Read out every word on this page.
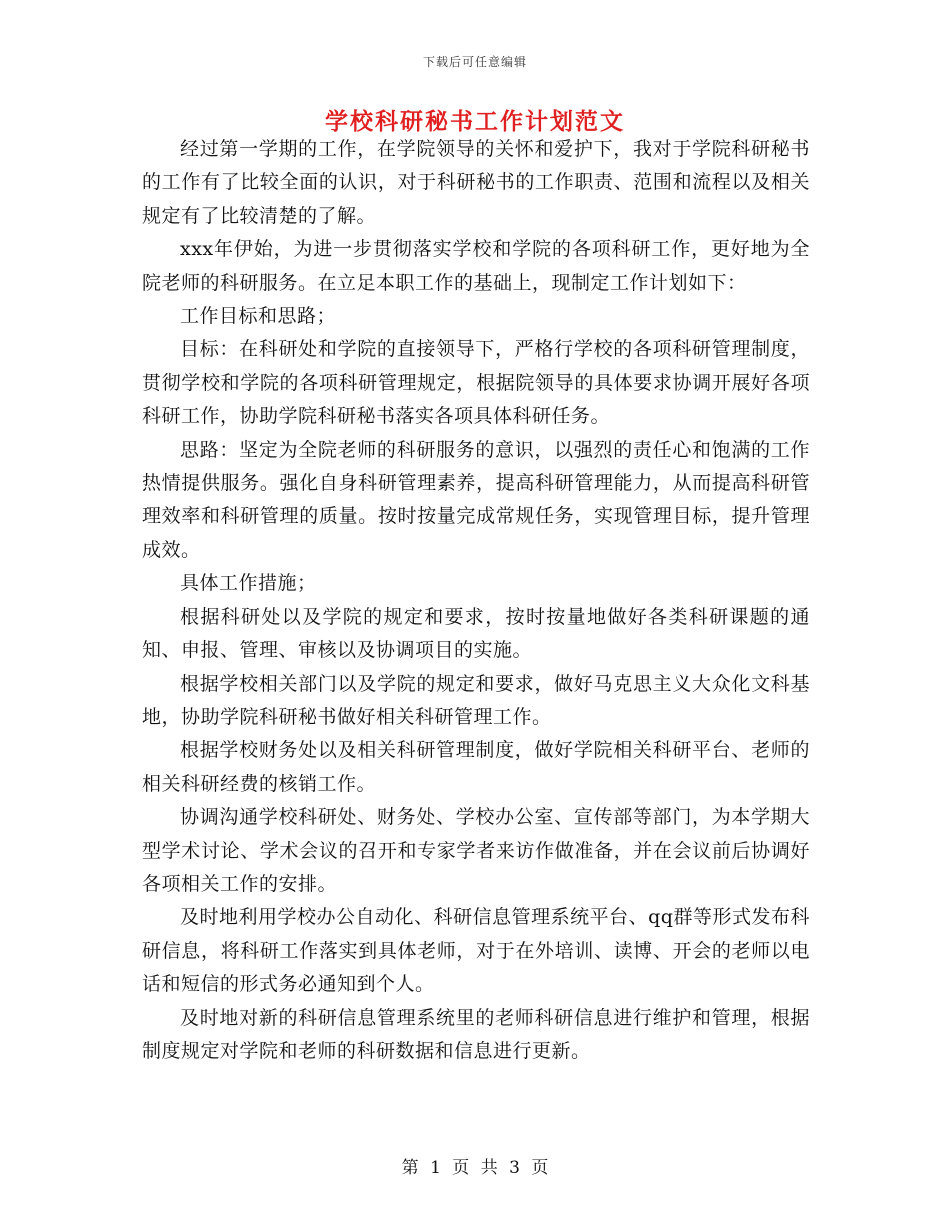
下载后可任意编辑
学校科研秘书工作计划范文

经过第一学期的工作，在学院领导的关怀和爱护下，我对于学院科研秘书的工作有了比较全面的认识，对于科研秘书的工作职责、范围和流程以及相关规定有了比较清楚的了解。

xxx年伊始，为进一步贯彻落实学校和学院的各项科研工作，更好地为全院老师的科研服务。在立足本职工作的基础上，现制定工作计划如下：

工作目标和思路；

目标：在科研处和学院的直接领导下，严格行学校的各项科研管理制度，贯彻学校和学院的各项科研管理规定，根据院领导的具体要求协调开展好各项科研工作，协助学院科研秘书落实各项具体科研任务。

思路：坚定为全院老师的科研服务的意识，以强烈的责任心和饱满的工作热情提供服务。强化自身科研管理素养，提高科研管理能力，从而提高科研管理效率和科研管理的质量。按时按量完成常规任务，实现管理目标，提升管理成效。

具体工作措施；

根据科研处以及学院的规定和要求，按时按量地做好各类科研课题的通知、申报、管理、审核以及协调项目的实施。

根据学校相关部门以及学院的规定和要求，做好马克思主义大众化文科基地，协助学院科研秘书做好相关科研管理工作。

根据学校财务处以及相关科研管理制度，做好学院相关科研平台、老师的相关科研经费的核销工作。

协调沟通学校科研处、财务处、学校办公室、宣传部等部门，为本学期大型学术讨论、学术会议的召开和专家学者来访作做准备，并在会议前后协调好各项相关工作的安排。

及时地利用学校办公自动化、科研信息管理系统平台、qq群等形式发布科研信息，将科研工作落实到具体老师，对于在外培训、读博、开会的老师以电话和短信的形式务必通知到个人。

及时地对新的科研信息管理系统里的老师科研信息进行维护和管理，根据制度规定对学院和老师的科研数据和信息进行更新。

第 1 页 共 3 页
